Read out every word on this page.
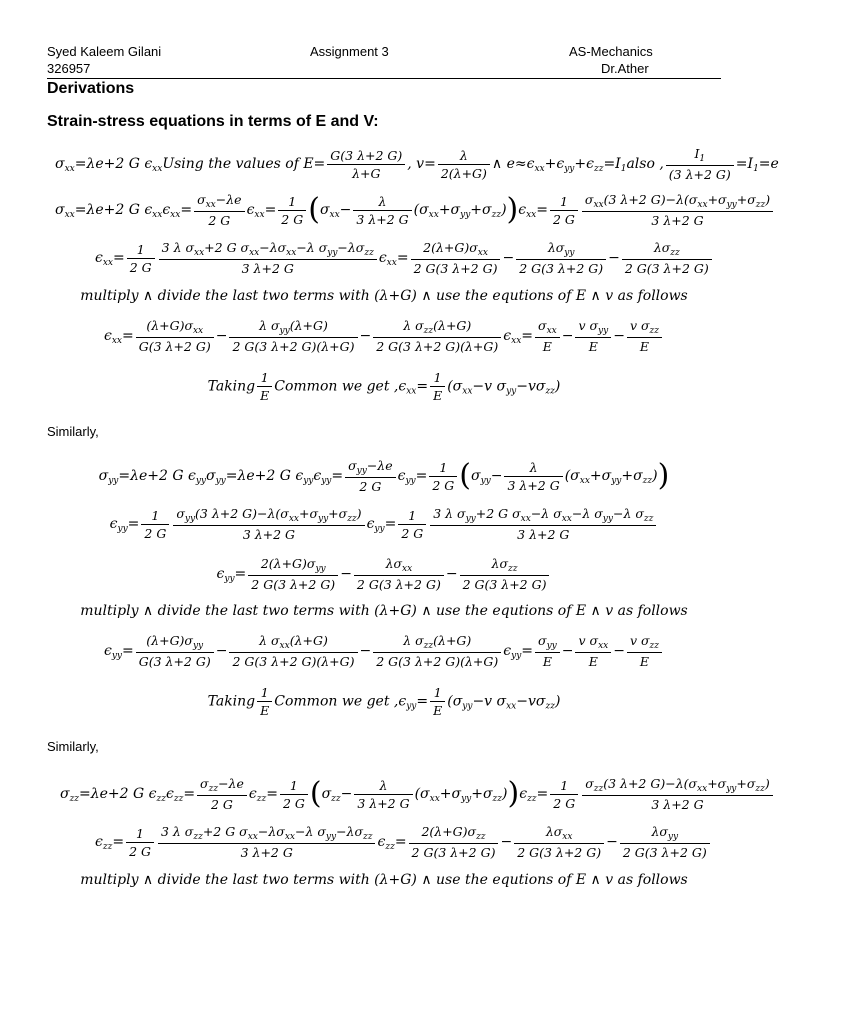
Syed Kaleem Gilani
326957
Assignment 3	AS-Mechanics
Dr.Ather
Derivations
Strain-stress equations in terms of E and V:
$\sigma_{xx}=\lambda e+2$ G $\epsilon_{xx}Using$ the values of $E= \frac{G(3 \lambda+2 G)}{\lambda+G}$ , $v= \frac{\lambda}{2(\lambda+G)}$ ∧ $e\approx\epsilon_{xx}+\epsilon_{yy}+\epsilon_{zz}=I_1also$ , $\frac{I_1}{(3 \lambda+2 G)} =I_1=e$
$\sigma_{xx}=\lambda e+2$ G $\epsilon_{xx}\epsilon_{xx}= \frac{\sigma_{xx}-\lambda e}{2 G} \epsilon_{xx}= \frac{1}{2 G} (\sigma_{xx}- \frac{\lambda}{3 \lambda+2 G} (\sigma_{xx}+\sigma_{yy}+\sigma_{zz}))\epsilon_{xx}= \frac{1}{2 G} \frac{\sigma_{xx}(3 \lambda+2 G)-\lambda(\sigma_{xx}+\sigma_{yy}+\sigma_{zz})}{3 \lambda+2 G}$
$\epsilon_{xx}= \frac{1}{2 G} \frac{3 \lambda \sigma_{xx}+2 G \sigma_{xx}-\lambda\sigma_{xx}-\lambda \sigma_{yy}-\lambda\sigma_{zz}}{3 \lambda+2 G} \epsilon_{xx}= \frac{2(\lambda+G)\sigma_{xx}}{2 G(3 \lambda+2 G)} - \frac{\lambda\sigma_{yy}}{2 G(3 \lambda+2 G)} - \frac{\lambda\sigma_{zz}}{2 G(3 \lambda+2 G)}$
multiply ∧ divide the last two terms with (λ+G) ∧ use the equtions of E ∧ v as follows
$\epsilon_{xx}= \frac{(\lambda+G)\sigma_{xx}}{G(3 \lambda+2 G)} - \frac{\lambda \sigma_{yy}(\lambda+G)}{2 G(3 \lambda+2 G)(\lambda+G)} - \frac{\lambda \sigma_{zz}(\lambda+G)}{2 G(3 \lambda+2 G)(\lambda+G)} \epsilon_{xx}= \frac{\sigma_{xx}}{E} - \frac{v \sigma_{yy}}{E} - \frac{v \sigma_{zz}}{E}$
Taking $\frac{1}{E}$ Common we get $,\epsilon_{xx}= \frac{1}{E} (\sigma_{xx}-v$ $\sigma_{yy}-v\sigma_{zz}$)
Similarly,
$\sigma_{yy}=\lambda e+2$ G $\epsilon_{yy}\sigma_{yy}=\lambda e+2$ G $\epsilon_{yy}\epsilon_{yy}= \frac{\sigma_{yy}-\lambda e}{2 G} \epsilon_{yy}= \frac{1}{2 G} (\sigma_{yy}- \frac{\lambda}{3 \lambda+2 G} (\sigma_{xx}+\sigma_{yy}+\sigma_{zz}))$
$\epsilon_{yy}= \frac{1}{2 G} \frac{\sigma_{yy}(3 \lambda+2 G)-\lambda(\sigma_{xx}+\sigma_{yy}+\sigma_{zz})}{3 \lambda+2 G} \epsilon_{yy}= \frac{1}{2 G} \frac{3 \lambda \sigma_{yy}+2 G \sigma_{xx}-\lambda \sigma_{xx}-\lambda \sigma_{yy}-\lambda \sigma_{zz}}{3 \lambda+2 G}$
$\epsilon_{yy}= \frac{2(\lambda+G)\sigma_{yy}}{2 G(3 \lambda+2 G)} - \frac{\lambda\sigma_{xx}}{2 G(3 \lambda+2 G)} - \frac{\lambda\sigma_{zz}}{2 G(3 \lambda+2 G)}$
multiply ∧ divide the last two terms with (λ+G) ∧ use the equtions of E ∧ v as follows
$\epsilon_{yy}= \frac{(\lambda+G)\sigma_{yy}}{G(3 \lambda+2 G)} - \frac{\lambda \sigma_{xx}(\lambda+G)}{2 G(3 \lambda+2 G)(\lambda+G)} - \frac{\lambda \sigma_{zz}(\lambda+G)}{2 G(3 \lambda+2 G)(\lambda+G)} \epsilon_{yy}= \frac{\sigma_{yy}}{E} - \frac{v \sigma_{xx}}{E} - \frac{v \sigma_{zz}}{E}$
Taking $\frac{1}{E}$ Common we get $,\epsilon_{yy}= \frac{1}{E} (\sigma_{yy}-v$ $\sigma_{xx}-v\sigma_{zz}$)
Similarly,
$\sigma_{zz}=\lambda e+2$ G $\epsilon_{zz}\epsilon_{zz}= \frac{\sigma_{zz}-\lambda e}{2 G} \epsilon_{zz}= \frac{1}{2 G} (\sigma_{zz}- \frac{\lambda}{3 \lambda+2 G} (\sigma_{xx}+\sigma_{yy}+\sigma_{zz}))\epsilon_{zz}= \frac{1}{2 G} \frac{\sigma_{zz}(3 \lambda+2 G)-\lambda(\sigma_{xx}+\sigma_{yy}+\sigma_{zz})}{3 \lambda+2 G}$
$\epsilon_{zz}= \frac{1}{2 G} \frac{3 \lambda \sigma_{zz}+2 G \sigma_{xx}-\lambda\sigma_{xx}-\lambda \sigma_{yy}-\lambda\sigma_{zz}}{3 \lambda+2 G} \epsilon_{zz}= \frac{2(\lambda+G)\sigma_{zz}}{2 G(3 \lambda+2 G)} - \frac{\lambda\sigma_{xx}}{2 G(3 \lambda+2 G)} - \frac{\lambda\sigma_{yy}}{2 G(3 \lambda+2 G)}$
multiply ∧ divide the last two terms with (λ+G) ∧ use the equtions of E ∧ v as follows
